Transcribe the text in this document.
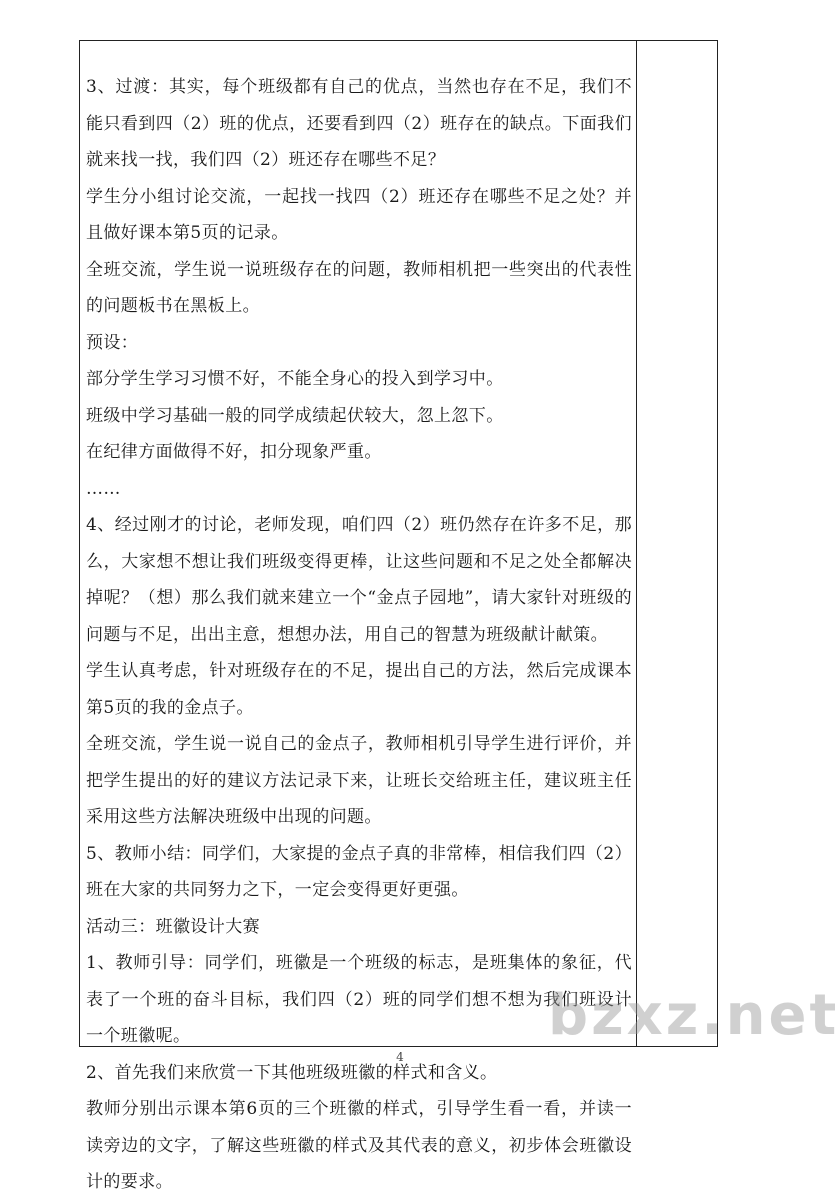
3、过渡：其实，每个班级都有自己的优点，当然也存在不足，我们不能只看到四（2）班的优点，还要看到四（2）班存在的缺点。下面我们就来找一找，我们四（2）班还存在哪些不足？

学生分小组讨论交流，一起找一找四（2）班还存在哪些不足之处？并且做好课本第5页的记录。

全班交流，学生说一说班级存在的问题，教师相机把一些突出的代表性的问题板书在黑板上。

预设：

部分学生学习习惯不好，不能全身心的投入到学习中。

班级中学习基础一般的同学成绩起伏较大，忽上忽下。

在纪律方面做得不好，扣分现象严重。

……

4、经过刚才的讨论，老师发现，咱们四（2）班仍然存在许多不足，那么，大家想不想让我们班级变得更棒，让这些问题和不足之处全都解决掉呢？（想）那么我们就来建立一个“金点子园地”，请大家针对班级的问题与不足，出出主意，想想办法，用自己的智慧为班级献计献策。

学生认真考虑，针对班级存在的不足，提出自己的方法，然后完成课本第5页的我的金点子。

全班交流，学生说一说自己的金点子，教师相机引导学生进行评价，并把学生提出的好的建议方法记录下来，让班长交给班主任，建议班主任采用这些方法解决班级中出现的问题。

5、教师小结：同学们，大家提的金点子真的非常棒，相信我们四（2）班在大家的共同努力之下，一定会变得更好更强。

活动三：班徽设计大赛

1、教师引导：同学们，班徽是一个班级的标志，是班集体的象征，代表了一个班的奋斗目标，我们四（2）班的同学们想不想为我们班设计一个班徽呢。

2、首先我们来欣赏一下其他班级班徽的样式和含义。

教师分别出示课本第6页的三个班徽的样式，引导学生看一看，并读一读旁边的文字，了解这些班徽的样式及其代表的意义，初步体会班徽设计的要求。

4
bzxz.net
